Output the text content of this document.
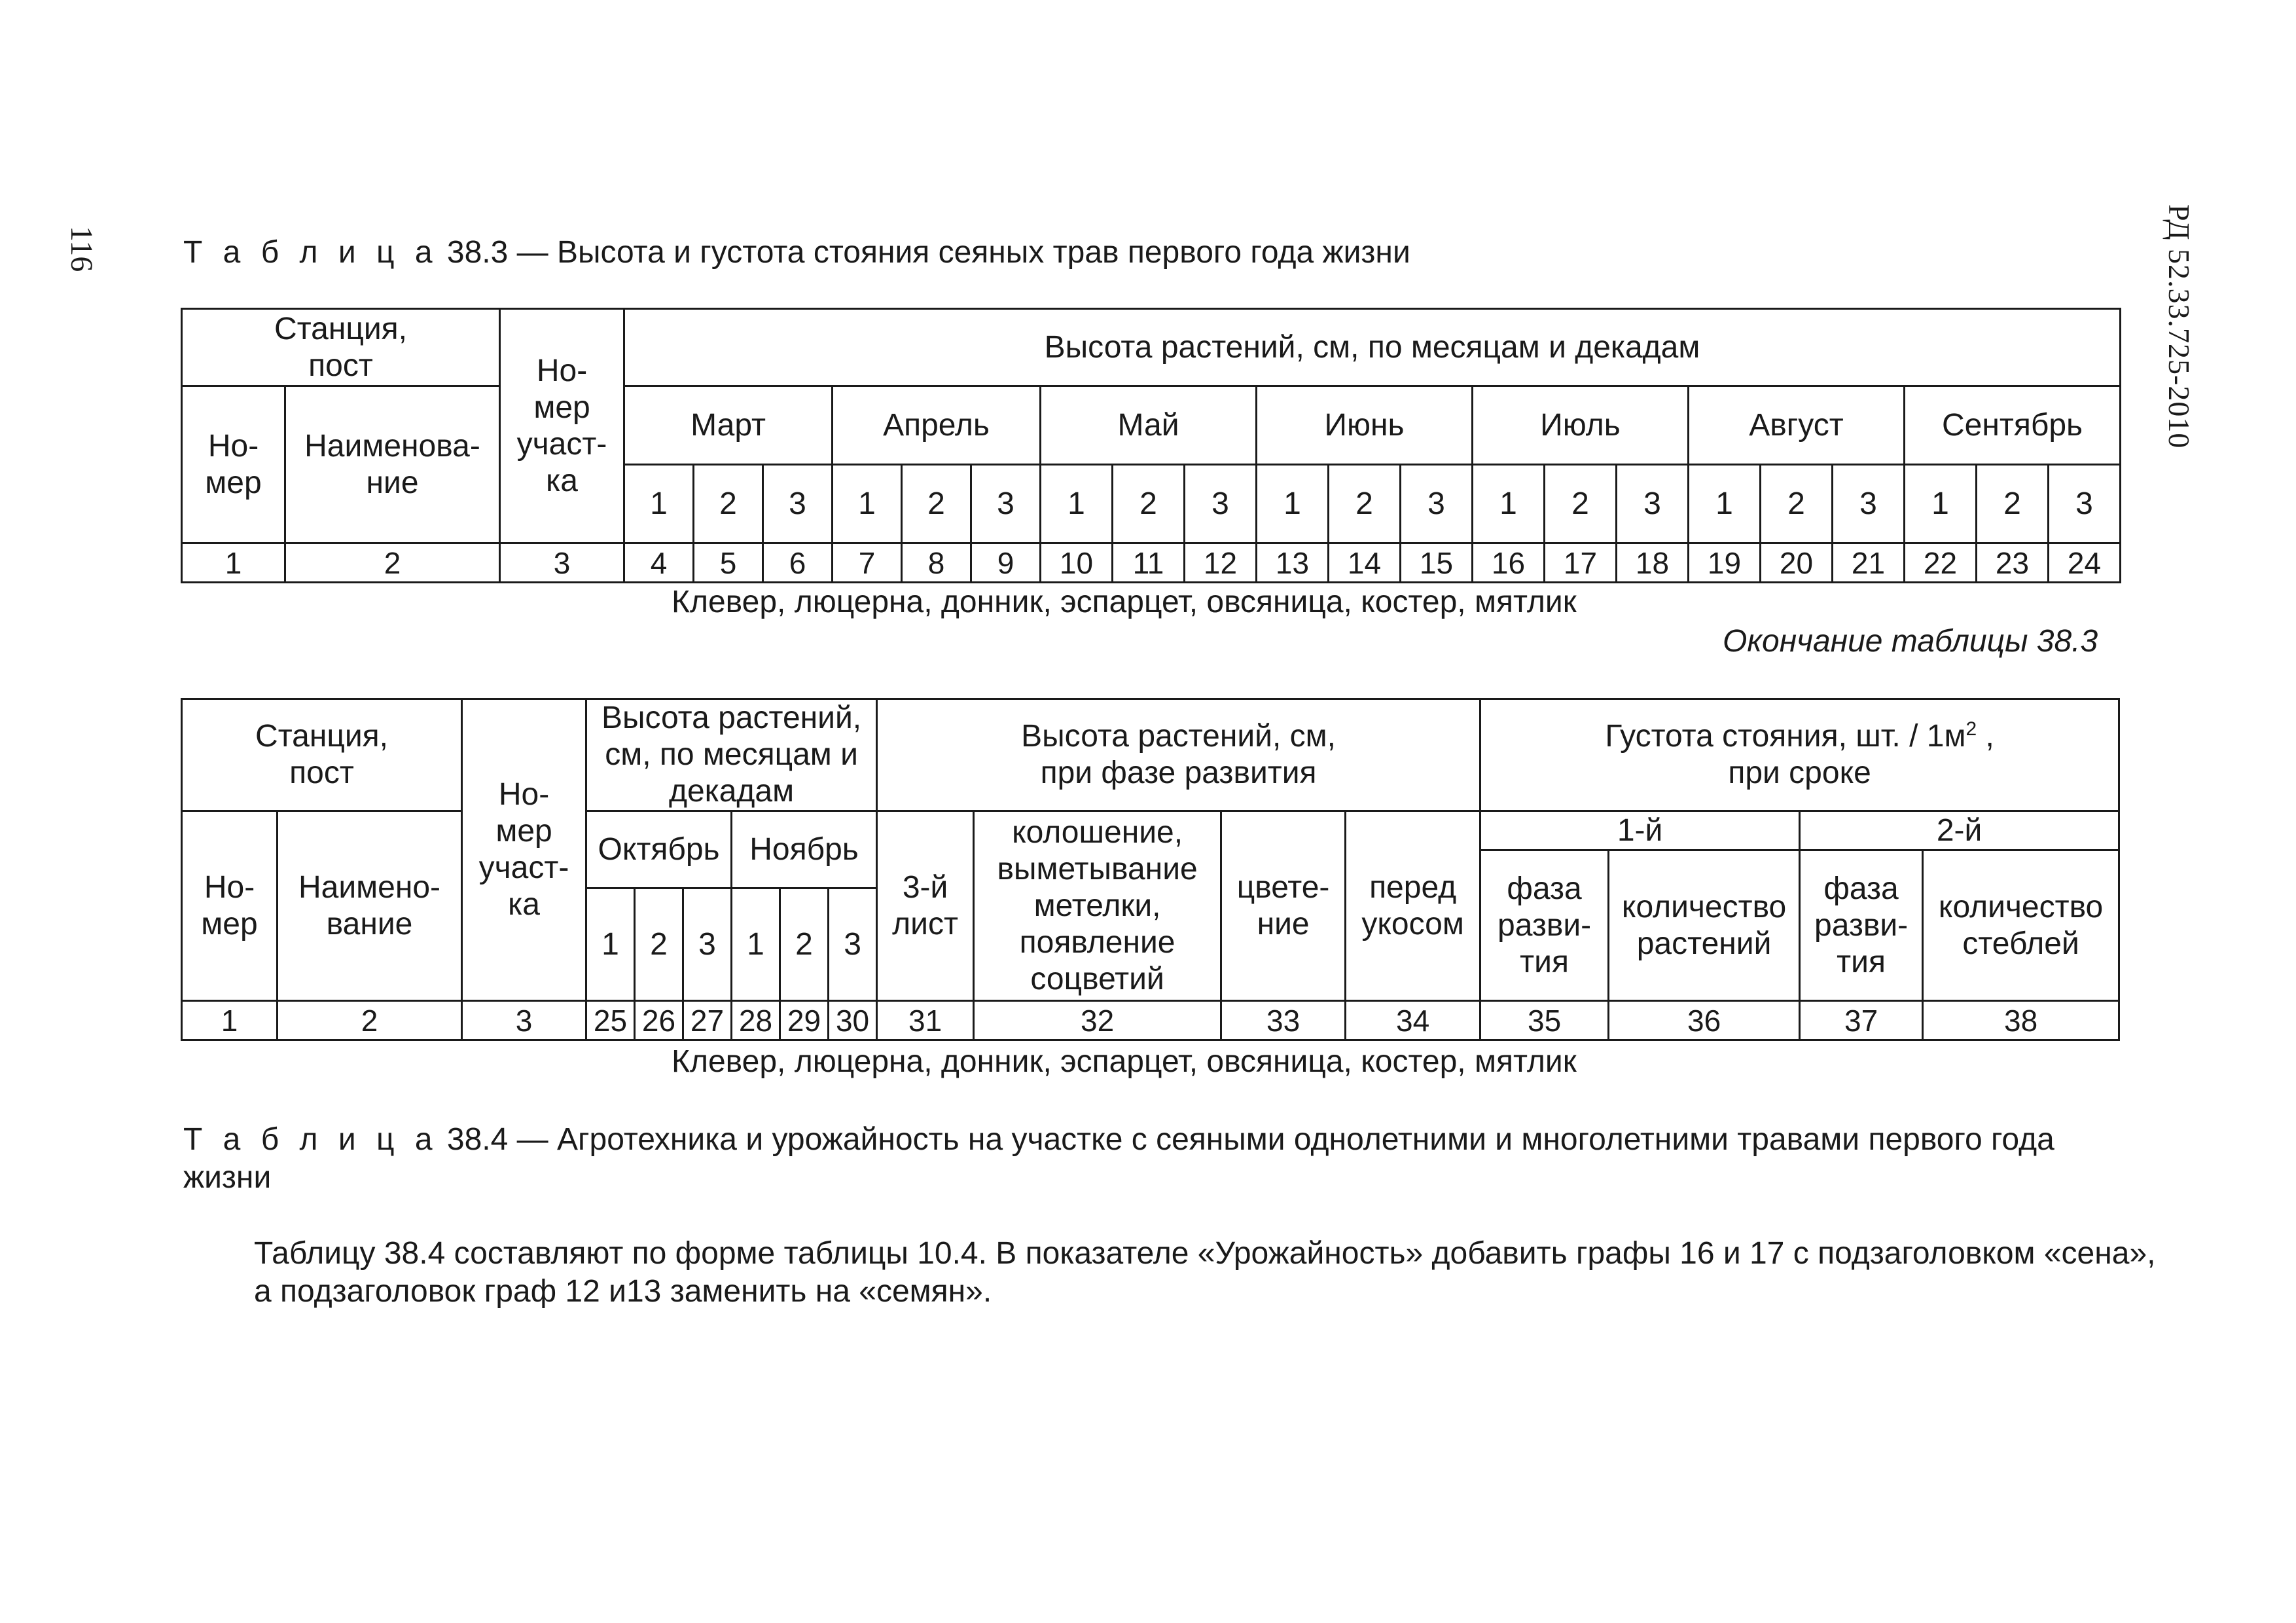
116	РД 52.33.725-2010
Т а б л и ц а 38.3 — Высота и густота стояния сеяных трав первого года жизни
Станция, пост		Но-мер участ-ка	Высота растений, см, по месяцам и декадам																				
Но-мер	Наименова-ние		Март			Апрель			Май			Июнь			Июль			Август			Сентябрь		
			1	2	3	1	2	3	1	2	3	1	2	3	1	2	3	1	2	3	1	2	3
1	2	3	4	5	6	7	8	9	10	11	12	13	14	15	16	17	18	19	20	21	22	23	24
Клевер, люцерна, донник, эспарцет, овсяница, костер, мятлик
Окончание таблицы 38.3
Станция, пост		Но-мер участ-ка	Высота растений, см, по месяцам и декадам						Высота растений, см, при фазе развития				Густота стояния, шт. / $1м^2$ ,
при сроке			

Но-мер	Наимено-вание		Октябрь			Ноябрь			3-й лист	колошение, выметывание метелки, появление соцветий	цвете-ние	перед укосом	1-й		2-й	
													фаза разви-тия	количество растений	фаза разви-тия	количество стеблей
			1	2	3	1	2	3								
1	2	3	25	26	27	28	29	30	31	32	33	34	35	36	37	38
Клевер, люцерна, донник, эспарцет, овсяница, костер, мятлик
Т а б л и ц а 38.4 — Агротехника и урожайность на участке с сеяными однолетними и многолетними травами первого года жизни
Таблицу 38.4 составляют по форме таблицы 10.4. В показателе «Урожайность» добавить графы 16 и 17 с подзаголовком «сена», а подзаголовок граф 12 и13 заменить на «семян».
